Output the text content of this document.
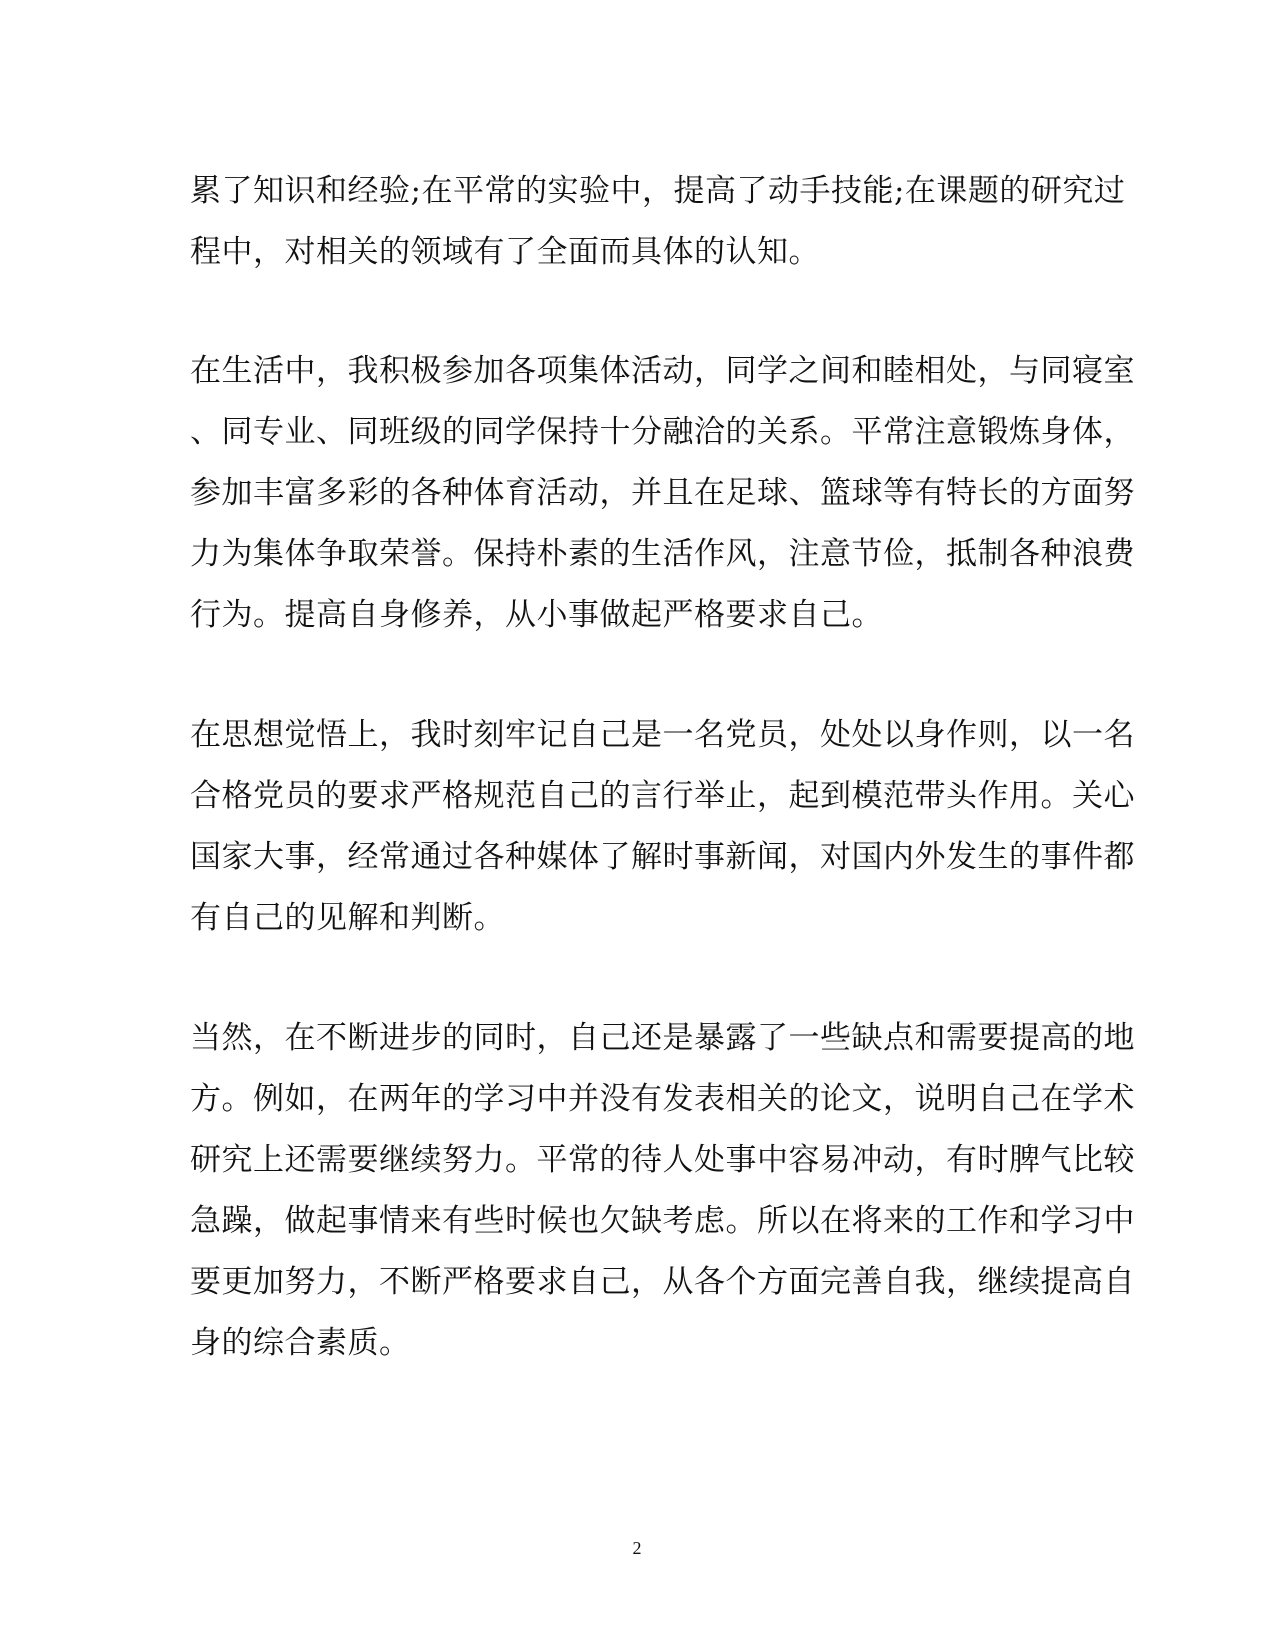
累了知识和经验;在平常的实验中，提高了动手技能;在课题的研究过
程中，对相关的领域有了全面而具体的认知。
在生活中，我积极参加各项集体活动，同学之间和睦相处，与同寝室
、同专业、同班级的同学保持十分融洽的关系。平常注意锻炼身体，
参加丰富多彩的各种体育活动，并且在足球、篮球等有特长的方面努
力为集体争取荣誉。保持朴素的生活作风，注意节俭，抵制各种浪费
行为。提高自身修养，从小事做起严格要求自己。
在思想觉悟上，我时刻牢记自己是一名党员，处处以身作则，以一名
合格党员的要求严格规范自己的言行举止，起到模范带头作用。关心
国家大事，经常通过各种媒体了解时事新闻，对国内外发生的事件都
有自己的见解和判断。
当然，在不断进步的同时，自己还是暴露了一些缺点和需要提高的地
方。例如，在两年的学习中并没有发表相关的论文，说明自己在学术
研究上还需要继续努力。平常的待人处事中容易冲动，有时脾气比较
急躁，做起事情来有些时候也欠缺考虑。所以在将来的工作和学习中
要更加努力，不断严格要求自己，从各个方面完善自我，继续提高自
身的综合素质。
2
